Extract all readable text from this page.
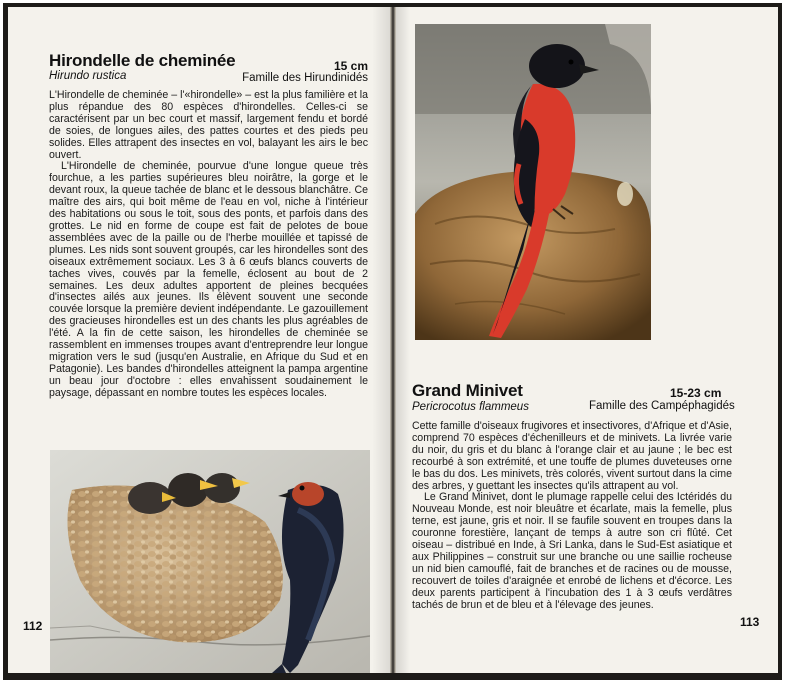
Hirondelle de cheminée	15 cm
Hirundo rustica	Famille des Hirundinidés

L'Hirondelle de cheminée – l'«hirondelle» – est la plus familière et la plus répandue des 80 espèces d'hirondelles. Celles-ci se caractérisent par un bec court et massif, largement fendu et bordé de soies, de longues ailes, des pattes courtes et des pieds peu solides. Elles attrapent des insectes en vol, balayant les airs le bec ouvert.

L'Hirondelle de cheminée, pourvue d'une longue queue très fourchue, a les parties supérieures bleu noirâtre, la gorge et le devant roux, la queue tachée de blanc et le dessous blanchâtre. Ce maître des airs, qui boit même de l'eau en vol, niche à l'intérieur des habitations ou sous le toit, sous des ponts, et parfois dans des grottes. Le nid en forme de coupe est fait de pelotes de boue assemblées avec de la paille ou de l'herbe mouillée et tapissé de plumes. Les nids sont souvent groupés, car les hirondelles sont des oiseaux extrêmement sociaux. Les 3 à 6 œufs blancs couverts de taches vives, couvés par la femelle, éclosent au bout de 2 semaines. Les deux adultes apportent de pleines becquées d'insectes ailés aux jeunes. Ils élèvent souvent une seconde couvée lorsque la première devient indépendante. Le gazouillement des gracieuses hirondelles est un des chants les plus agréables de l'été. A la fin de cette saison, les hirondelles de cheminée se rassemblent en immenses troupes avant d'entreprendre leur longue migration vers le sud (jusqu'en Australie, en Afrique du Sud et en Patagonie). Les bandes d'hirondelles atteignent la pampa argentine un beau jour d'octobre : elles envahissent soudainement le paysage, dépassant en nombre toutes les espèces locales.

112
Grand Minivet	15-23 cm
Pericrocotus flammeus	Famille des Campéphagidés

Cette famille d'oiseaux frugivores et insectivores, d'Afrique et d'Asie, comprend 70 espèces d'échenilleurs et de minivets. La livrée varie du noir, du gris et du blanc à l'orange clair et au jaune ; le bec est recourbé à son extrémité, et une touffe de plumes duveteuses orne le bas du dos. Les minivets, très colorés, vivent surtout dans la cime des arbres, y guettant les insectes qu'ils attrapent au vol.

Le Grand Minivet, dont le plumage rappelle celui des Ictéridés du Nouveau Monde, est noir bleuâtre et écarlate, mais la femelle, plus terne, est jaune, gris et noir. Il se faufile souvent en troupes dans la couronne forestière, lançant de temps à autre son cri flûté. Cet oiseau – distribué en Inde, à Sri Lanka, dans le Sud-Est asiatique et aux Philippines – construit sur une branche ou une saillie rocheuse un nid bien camouflé, fait de branches et de racines ou de mousse, recouvert de toiles d'araignée et enrobé de lichens et d'écorce. Les deux parents participent à l'incubation des 1 à 3 œufs verdâtres tachés de brun et de bleu et à l'élevage des jeunes.

113
